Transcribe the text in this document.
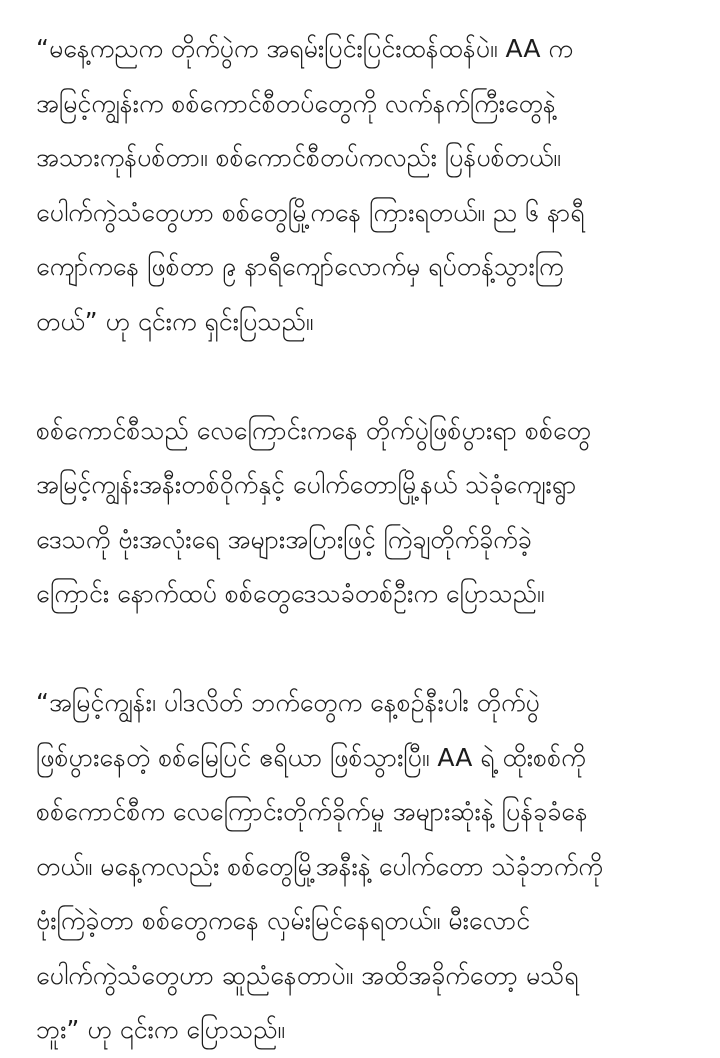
“မနေ့ကညက တိုက်ပွဲက အရမ်းပြင်းပြင်းထန်ထန်ပဲ။ AA က
အမြင့်ကျွန်းက စစ်ကောင်စီတပ်တွေကို လက်နက်ကြီးတွေနဲ့
အသားကုန်ပစ်တာ။ စစ်ကောင်စီတပ်ကလည်း ပြန်ပစ်တယ်။
ပေါက်ကွဲသံတွေဟာ စစ်တွေမြို့ကနေ ကြားရတယ်။ ည ၆ နာရီ
ကျော်ကနေ ဖြစ်တာ ၉ နာရီကျော်လောက်မှ ရပ်တန့်သွားကြ
တယ်” ဟု ၎င်းက ရှင်းပြသည်။
စစ်ကောင်စီသည် လေကြောင်းကနေ တိုက်ပွဲဖြစ်ပွားရာ စစ်တွေ
အမြင့်ကျွန်းအနီးတစ်ဝိုက်နှင့် ပေါက်တောမြို့နယ် သဲခုံကျေးရွာ
ဒေသကို ဗုံးအလုံးရေ အများအပြားဖြင့် ကြဲချတိုက်ခိုက်ခဲ့
ကြောင်း နောက်ထပ် စစ်တွေဒေသခံတစ်ဦးက ပြောသည်။
“အမြင့်ကျွန်း၊ ပါဒလိတ် ဘက်တွေက နေ့စဉ်နီးပါး တိုက်ပွဲ
ဖြစ်ပွားနေတဲ့ စစ်မြေပြင် ဧရိယာ ဖြစ်သွားပြီ။ AA ရဲ့ ထိုးစစ်ကို
စစ်ကောင်စီက လေကြောင်းတိုက်ခိုက်မှု အများဆုံးနဲ့ ပြန်ခုခံနေ
တယ်။ မနေ့ကလည်း စစ်တွေမြို့အနီးနဲ့ ပေါက်တော သဲခုံဘက်ကို
ဗုံးကြဲခဲ့တာ စစ်တွေကနေ လှမ်းမြင်နေရတယ်။ မီးလောင်
ပေါက်ကွဲသံတွေဟာ ဆူညံနေတာပဲ။ အထိအခိုက်တော့ မသိရ
ဘူး” ဟု ၎င်းက ပြောသည်။
